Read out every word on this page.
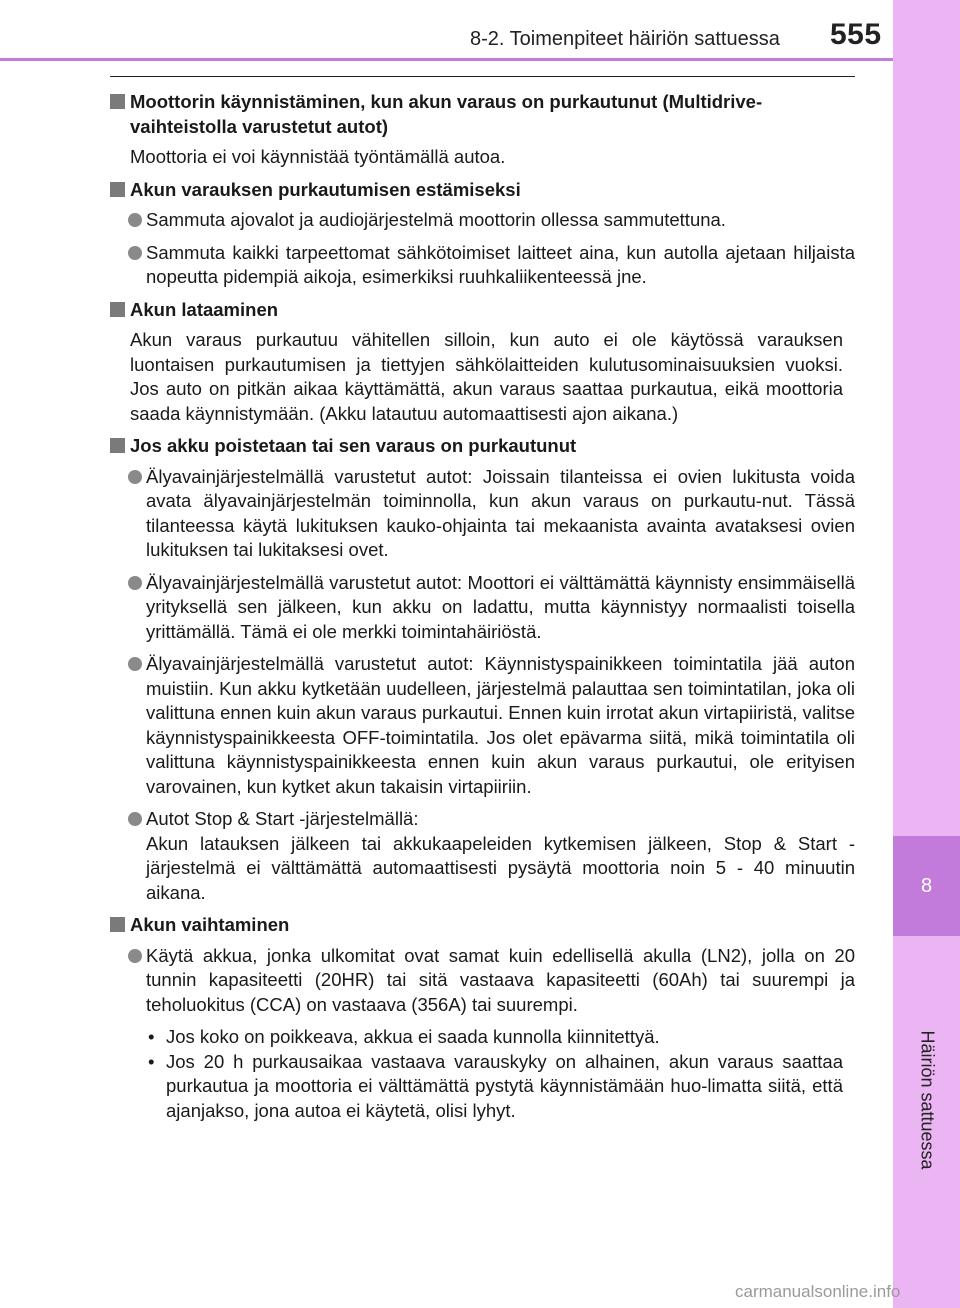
8-2. Toimenpiteet häiriön sattuessa 555
8
Häiriön sattuessa
Moottorin käynnistäminen, kun akun varaus on purkautunut (Multidrive-vaihteistolla varustetut autot)

Moottoria ei voi käynnistää työntämällä autoa.

Akun varauksen purkautumisen estämiseksi

Sammuta ajovalot ja audiojärjestelmä moottorin ollessa sammutettuna.

Sammuta kaikki tarpeettomat sähkötoimiset laitteet aina, kun autolla ajetaan hiljaista nopeutta pidempiä aikoja, esimerkiksi ruuhkaliikenteessä jne.

Akun lataaminen

Akun varaus purkautuu vähitellen silloin, kun auto ei ole käytössä varauksen luontaisen purkautumisen ja tiettyjen sähkölaitteiden kulutusominaisuuksien vuoksi. Jos auto on pitkän aikaa käyttämättä, akun varaus saattaa purkautua, eikä moottoria saada käynnistymään. (Akku latautuu automaattisesti ajon aikana.)

Jos akku poistetaan tai sen varaus on purkautunut

Älyavainjärjestelmällä varustetut autot: Joissain tilanteissa ei ovien lukitusta voida avata älyavainjärjestelmän toiminnolla, kun akun varaus on purkautu-nut. Tässä tilanteessa käytä lukituksen kauko-ohjainta tai mekaanista avainta avataksesi ovien lukituksen tai lukitaksesi ovet.

Älyavainjärjestelmällä varustetut autot: Moottori ei välttämättä käynnisty ensimmäisellä yrityksellä sen jälkeen, kun akku on ladattu, mutta käynnistyy normaalisti toisella yrittämällä. Tämä ei ole merkki toimintahäiriöstä.

Älyavainjärjestelmällä varustetut autot: Käynnistyspainikkeen toimintatila jää auton muistiin. Kun akku kytketään uudelleen, järjestelmä palauttaa sen toimintatilan, joka oli valittuna ennen kuin akun varaus purkautui. Ennen kuin irrotat akun virtapiiristä, valitse käynnistyspainikkeesta OFF-toimintatila. Jos olet epävarma siitä, mikä toimintatila oli valittuna käynnistyspainikkeesta ennen kuin akun varaus purkautui, ole erityisen varovainen, kun kytket akun takaisin virtapiiriin.

Autot Stop & Start -järjestelmällä:
Akun latauksen jälkeen tai akkukaapeleiden kytkemisen jälkeen, Stop & Start -järjestelmä ei välttämättä automaattisesti pysäytä moottoria noin 5 - 40 minuutin aikana.

Akun vaihtaminen

Käytä akkua, jonka ulkomitat ovat samat kuin edellisellä akulla (LN2), jolla on 20 tunnin kapasiteetti (20HR) tai sitä vastaava kapasiteetti (60Ah) tai suurempi ja teholuokitus (CCA) on vastaava (356A) tai suurempi.

• Jos koko on poikkeava, akkua ei saada kunnolla kiinnitettyä.

• Jos 20 h purkausaikaa vastaava varauskyky on alhainen, akun varaus saattaa purkautua ja moottoria ei välttämättä pystytä käynnistämään huo-limatta siitä, että ajanjakso, jona autoa ei käytetä, olisi lyhyt.

carmanualsonline.info
